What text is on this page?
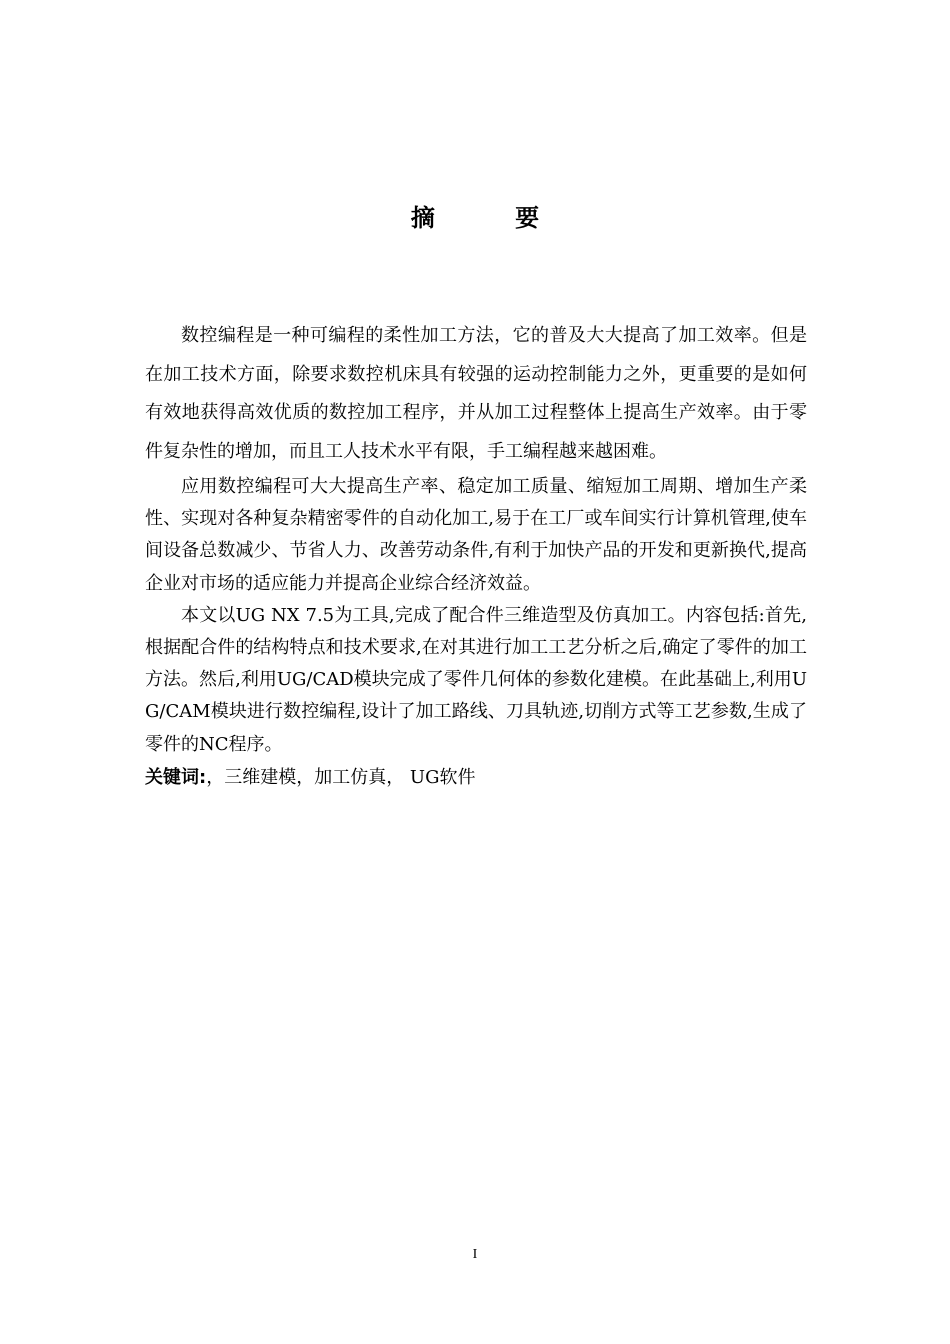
摘 要

数控编程是一种可编程的柔性加工方法，它的普及大大提高了加工效率。但是在加工技术方面，除要求数控机床具有较强的运动控制能力之外，更重要的是如何有效地获得高效优质的数控加工程序，并从加工过程整体上提高生产效率。由于零件复杂性的增加，而且工人技术水平有限，手工编程越来越困难。

应用数控编程可大大提高生产率、稳定加工质量、缩短加工周期、增加生产柔性、实现对各种复杂精密零件的自动化加工,易于在工厂或车间实行计算机管理,使车间设备总数减少、节省人力、改善劳动条件,有利于加快产品的开发和更新换代,提高企业对市场的适应能力并提高企业综合经济效益。

本文以UG NX 7.5为工具,完成了配合件三维造型及仿真加工。内容包括:首先,根据配合件的结构特点和技术要求,在对其进行加工工艺分析之后,确定了零件的加工方法。然后,利用UG/CAD模块完成了零件几何体的参数化建模。在此基础上,利用UG/CAM模块进行数控编程,设计了加工路线、刀具轨迹,切削方式等工艺参数,生成了零件的NC程序。

关键词:，三维建模，加工仿真， UG软件

I
